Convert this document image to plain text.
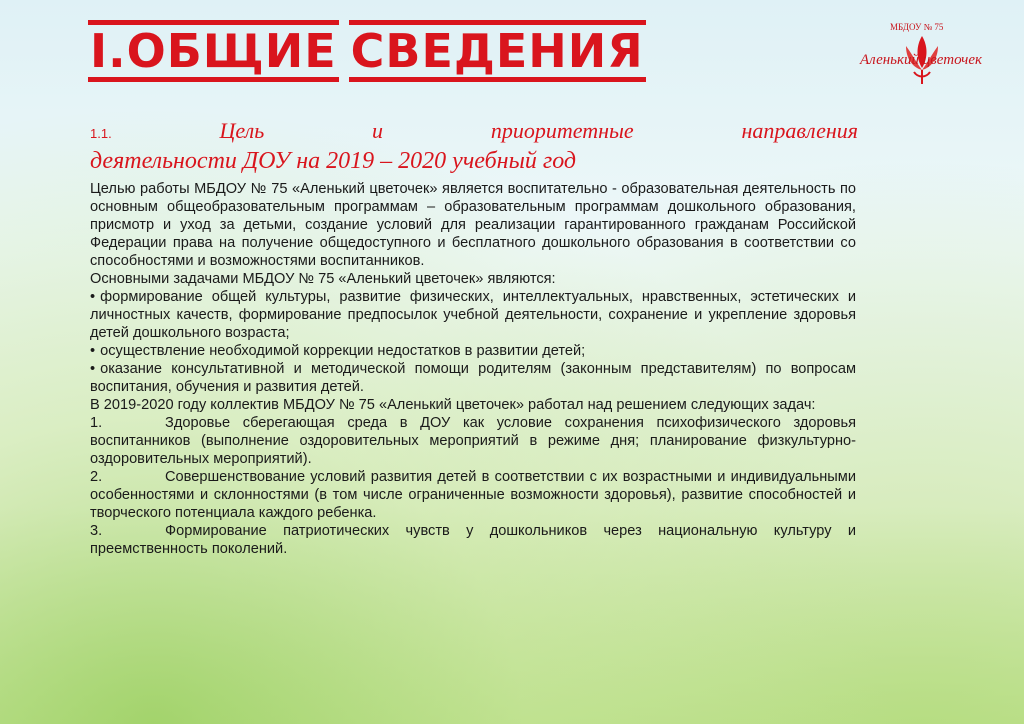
I.ОБЩИЕ СВЕДЕНИЯ	МБДОУ № 75
Аленький цветочек
1.1.	Цель	и	приоритетные	направления
деятельности ДОУ на 2019 – 2020 учебный год

Целью работы МБДОУ № 75 «Аленький цветочек» является воспитательно - образовательная деятельность по основным общеобразовательным программам – образовательным программам дошкольного образования, присмотр и уход за детьми, создание условий для реализации гарантированного гражданам Российской Федерации права на получение общедоступного и бесплатного дошкольного образования в соответствии со способностями и возможностями воспитанников.

Основными задачами МБДОУ № 75 «Аленький цветочек» являются:

• формирование общей культуры, развитие физических, интеллектуальных, нравственных, эстетических и личностных качеств, формирование предпосылок учебной деятельности, сохранение и укрепление здоровья детей дошкольного возраста;

• осуществление необходимой коррекции недостатков в развитии детей;

• оказание консультативной и методической помощи родителям (законным представителям) по вопросам воспитания, обучения и развития детей.

В 2019-2020 году коллектив МБДОУ № 75 «Аленький цветочек» работал над решением следующих задач:

1.	Здоровье сберегающая среда в ДОУ как условие сохранения психофизического здоровья воспитанников (выполнение оздоровительных мероприятий в режиме дня; планирование физкультурно-оздоровительных мероприятий).

2.	Совершенствование условий развития детей в соответствии с их возрастными и индивидуальными особенностями и склонностями (в том числе ограниченные возможности здоровья), развитие способностей и творческого потенциала каждого ребенка.

3.	Формирование патриотических чувств у дошкольников через национальную культуру и преемственность поколений.
